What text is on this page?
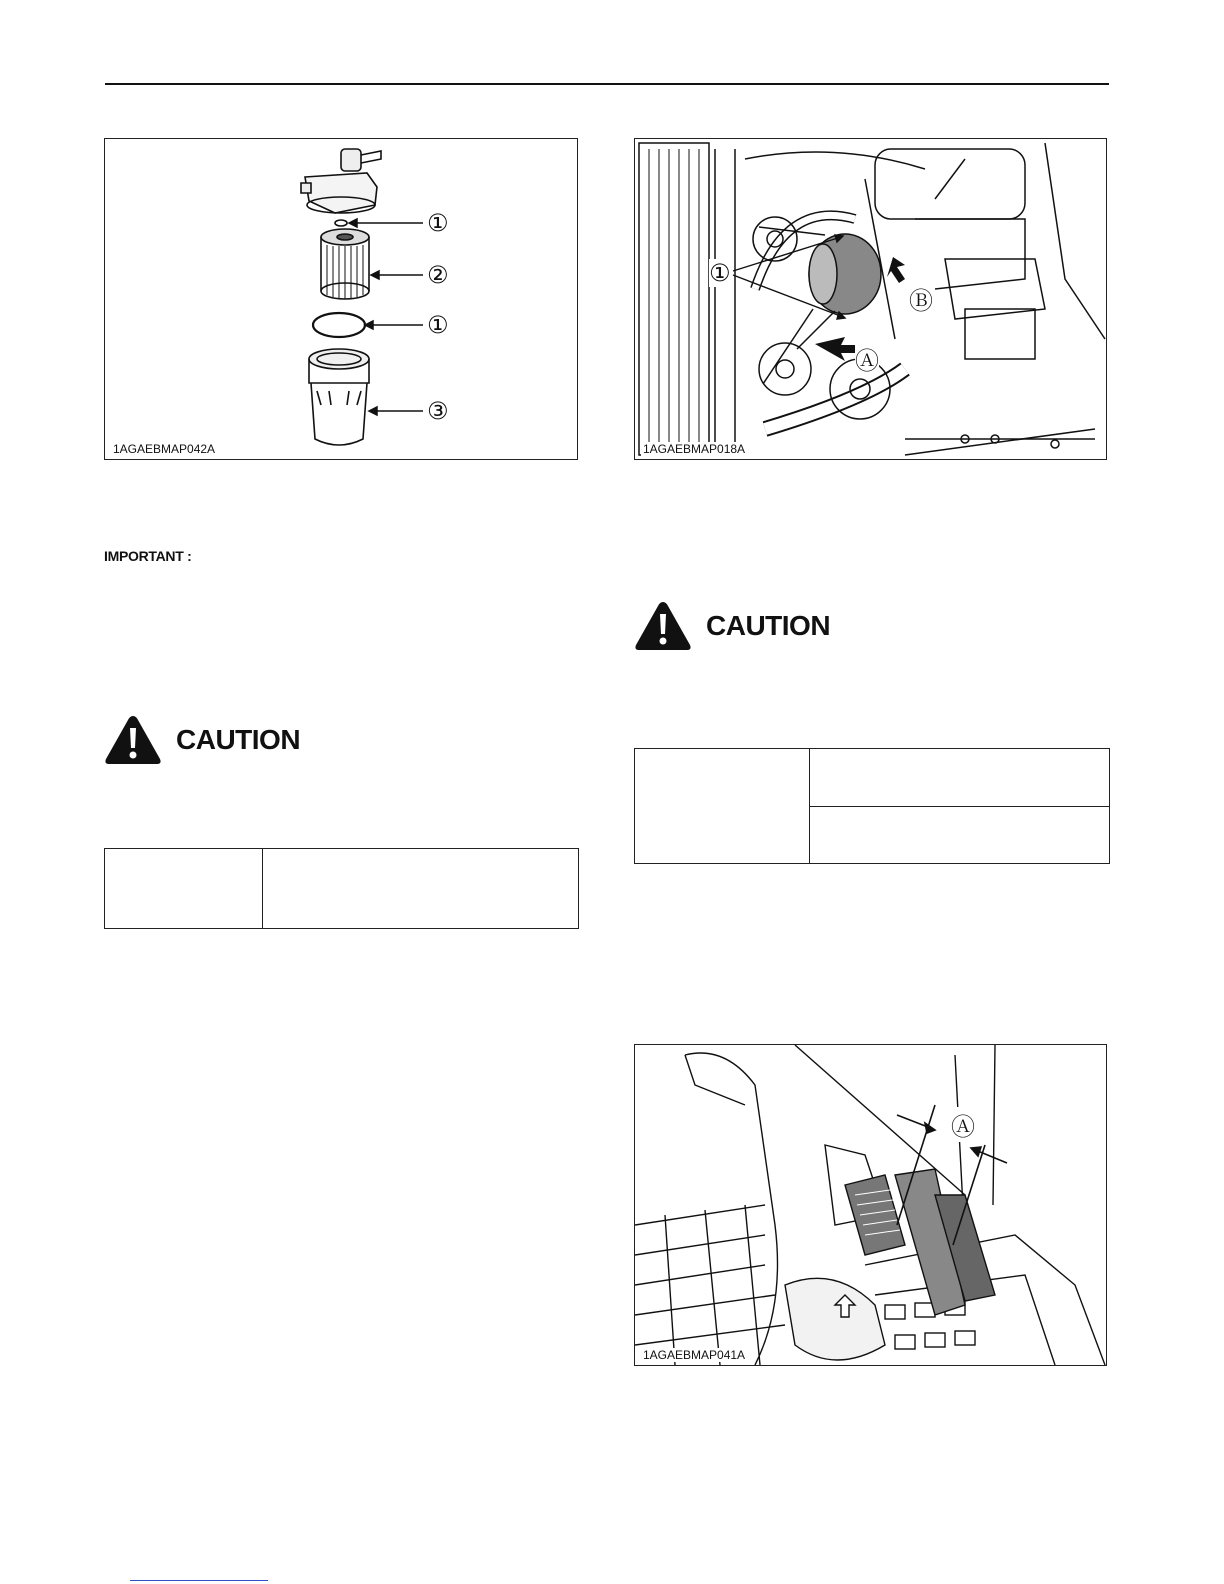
①
②
①
③
1AGAEBMAP042A
①
Ⓐ
Ⓑ
1AGAEBMAP018A
IMPORTANT :
CAUTION
CAUTION

Ⓐ
1AGAEBMAP041A
